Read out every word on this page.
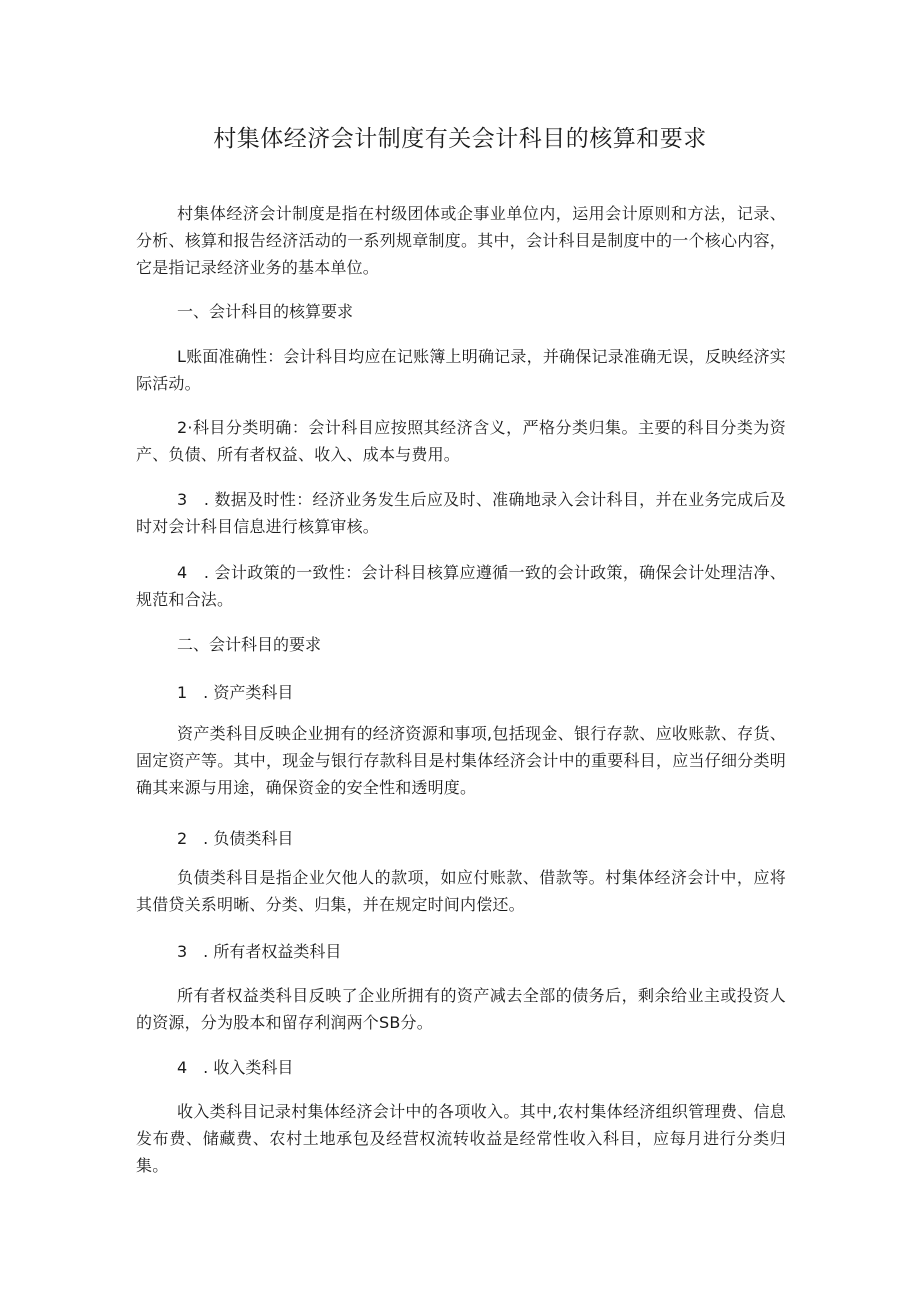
村集体经济会计制度有关会计科目的核算和要求

村集体经济会计制度是指在村级团体或企事业单位内，运用会计原则和方法，记录、分析、核算和报告经济活动的一系列规章制度。其中，会计科目是制度中的一个核心内容，它是指记录经济业务的基本单位。

一、会计科目的核算要求

L账面准确性：会计科目均应在记账簿上明确记录，并确保记录准确无误，反映经济实际活动。

2·科目分类明确：会计科目应按照其经济含义，严格分类归集。主要的科目分类为资产、负债、所有者权益、收入、成本与费用。

3　. 数据及时性：经济业务发生后应及时、准确地录入会计科目，并在业务完成后及时对会计科目信息进行核算审核。

4　. 会计政策的一致性：会计科目核算应遵循一致的会计政策，确保会计处理洁净、规范和合法。

二、会计科目的要求

1　. 资产类科目

资产类科目反映企业拥有的经济资源和事项,包括现金、银行存款、应收账款、存货、固定资产等。其中，现金与银行存款科目是村集体经济会计中的重要科目，应当仔细分类明确其来源与用途，确保资金的安全性和透明度。

2　. 负债类科目

负债类科目是指企业欠他人的款项，如应付账款、借款等。村集体经济会计中，应将其借贷关系明晰、分类、归集，并在规定时间内偿还。

3　. 所有者权益类科目

所有者权益类科目反映了企业所拥有的资产减去全部的债务后，剩余给业主或投资人的资源，分为股本和留存利润两个SB分。

4　. 收入类科目

收入类科目记录村集体经济会计中的各项收入。其中,农村集体经济组织管理费、信息发布费、储藏费、农村土地承包及经营权流转收益是经常性收入科目，应每月进行分类归集。
